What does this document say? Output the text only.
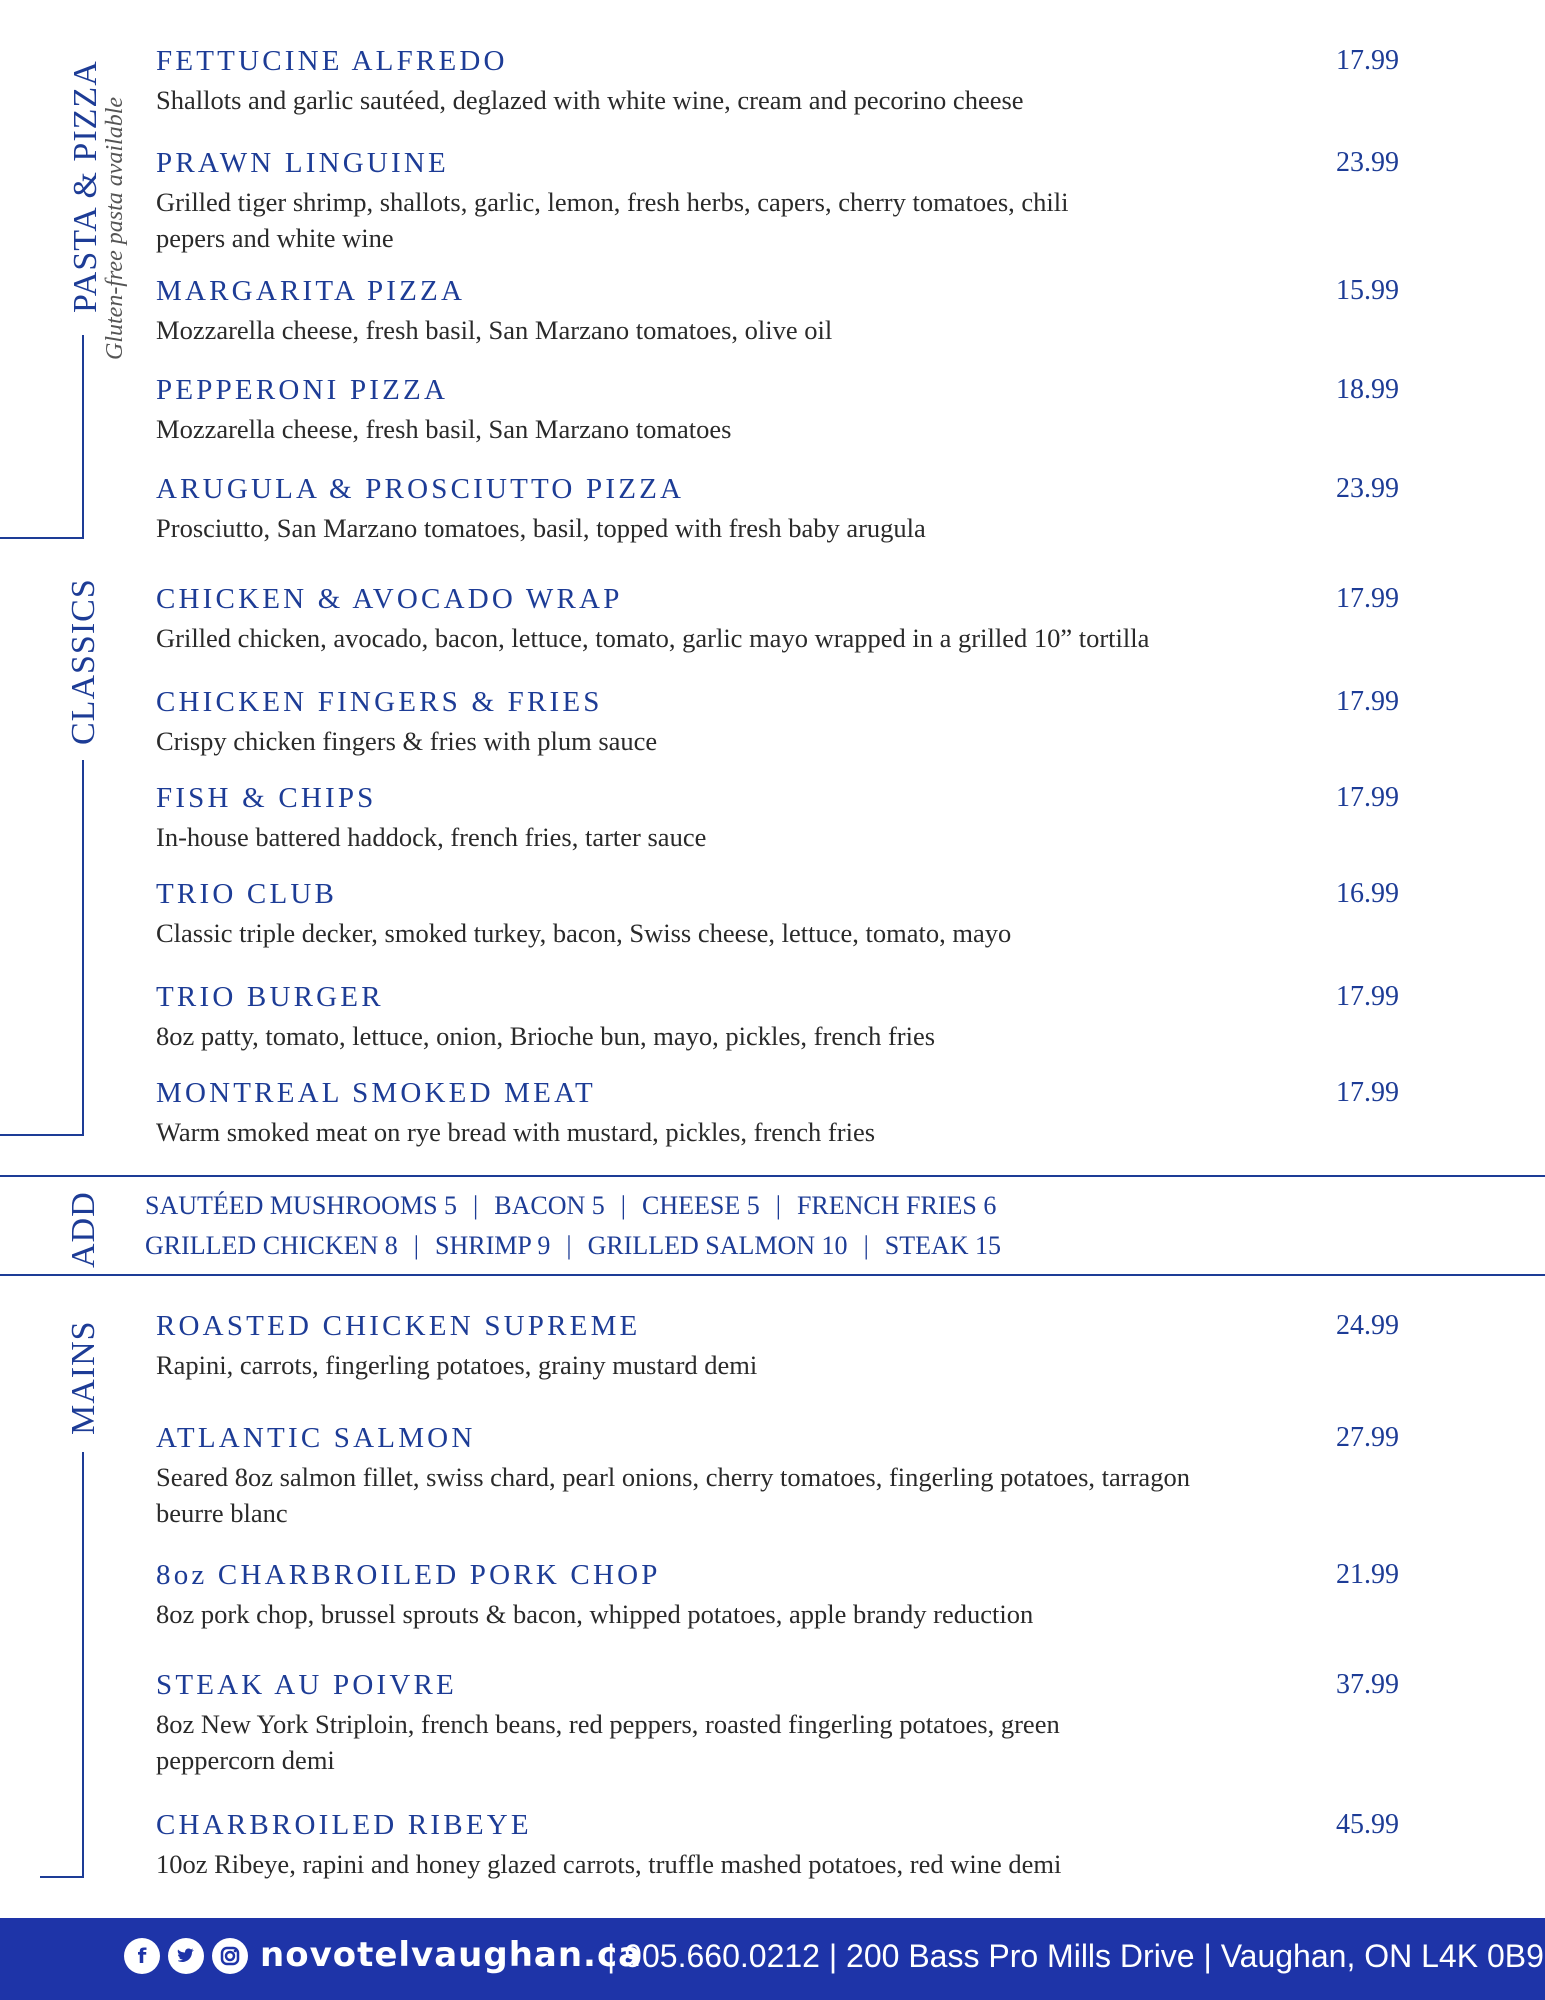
PASTA & PIZZA
Gluten-free pasta available
CLASSICS
ADD
MAINS
FETTUCINE ALFREDO	17.99
Shallots and garlic sautéed, deglazed with white wine, cream and pecorino cheese
PRAWN LINGUINE	23.99
Grilled tiger shrimp, shallots, garlic, lemon, fresh herbs, capers, cherry tomatoes, chili pepers and white wine
MARGARITA PIZZA	15.99
Mozzarella cheese, fresh basil, San Marzano tomatoes, olive oil
PEPPERONI PIZZA	18.99
Mozzarella cheese, fresh basil, San Marzano tomatoes
ARUGULA & PROSCIUTTO PIZZA	23.99
Prosciutto, San Marzano tomatoes, basil, topped with fresh baby arugula
CHICKEN & AVOCADO WRAP	17.99
Grilled chicken, avocado, bacon, lettuce, tomato, garlic mayo wrapped in a grilled 10” tortilla
CHICKEN FINGERS & FRIES	17.99
Crispy chicken fingers & fries with plum sauce
FISH & CHIPS	17.99
In-house battered haddock, french fries, tarter sauce
TRIO CLUB	16.99
Classic triple decker, smoked turkey, bacon, Swiss cheese, lettuce, tomato, mayo
TRIO BURGER	17.99
8oz patty, tomato, lettuce, onion, Brioche bun, mayo, pickles, french fries
MONTREAL SMOKED MEAT	17.99
Warm smoked meat on rye bread with mustard, pickles, french fries
SAUTÉED MUSHROOMS 5 | BACON 5 | CHEESE 5 | FRENCH FRIES 6
GRILLED CHICKEN 8 | SHRIMP 9 | GRILLED SALMON 10 | STEAK 15
ROASTED CHICKEN SUPREME	24.99
Rapini, carrots, fingerling potatoes, grainy mustard demi
ATLANTIC SALMON	27.99
Seared 8oz salmon fillet, swiss chard, pearl onions, cherry tomatoes, fingerling potatoes, tarragon beurre blanc
8oz CHARBROILED PORK CHOP	21.99
8oz pork chop, brussel sprouts & bacon, whipped potatoes, apple brandy reduction
STEAK AU POIVRE	37.99
8oz New York Striploin, french beans, red peppers, roasted fingerling potatoes, green peppercorn demi
CHARBROILED RIBEYE	45.99
10oz Ribeye, rapini and honey glazed carrots, truffle mashed potatoes, red wine demi
f	novotelvaughan.ca
| 905.660.0212 | 200 Bass Pro Mills Drive | Vaughan, ON L4K 0B9
